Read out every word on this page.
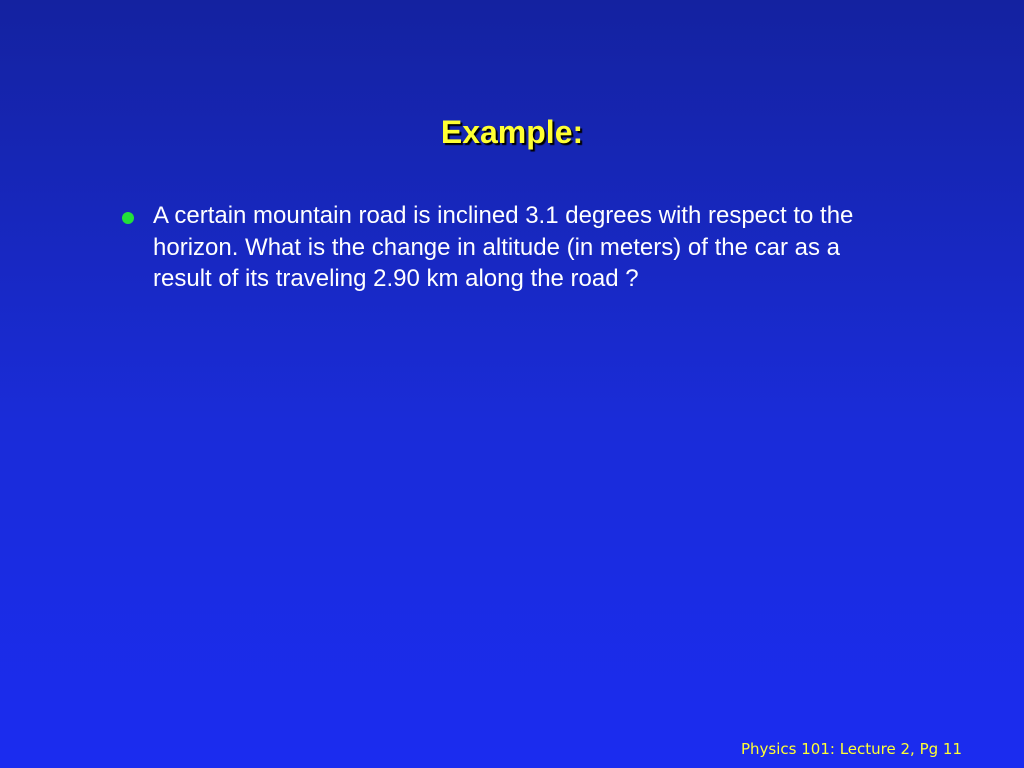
Example:

A certain mountain road is inclined 3.1 degrees with respect to the horizon. What is the change in altitude (in meters) of the car as a result of its traveling 2.90 km along the road ?

Physics 101: Lecture 2, Pg 11
